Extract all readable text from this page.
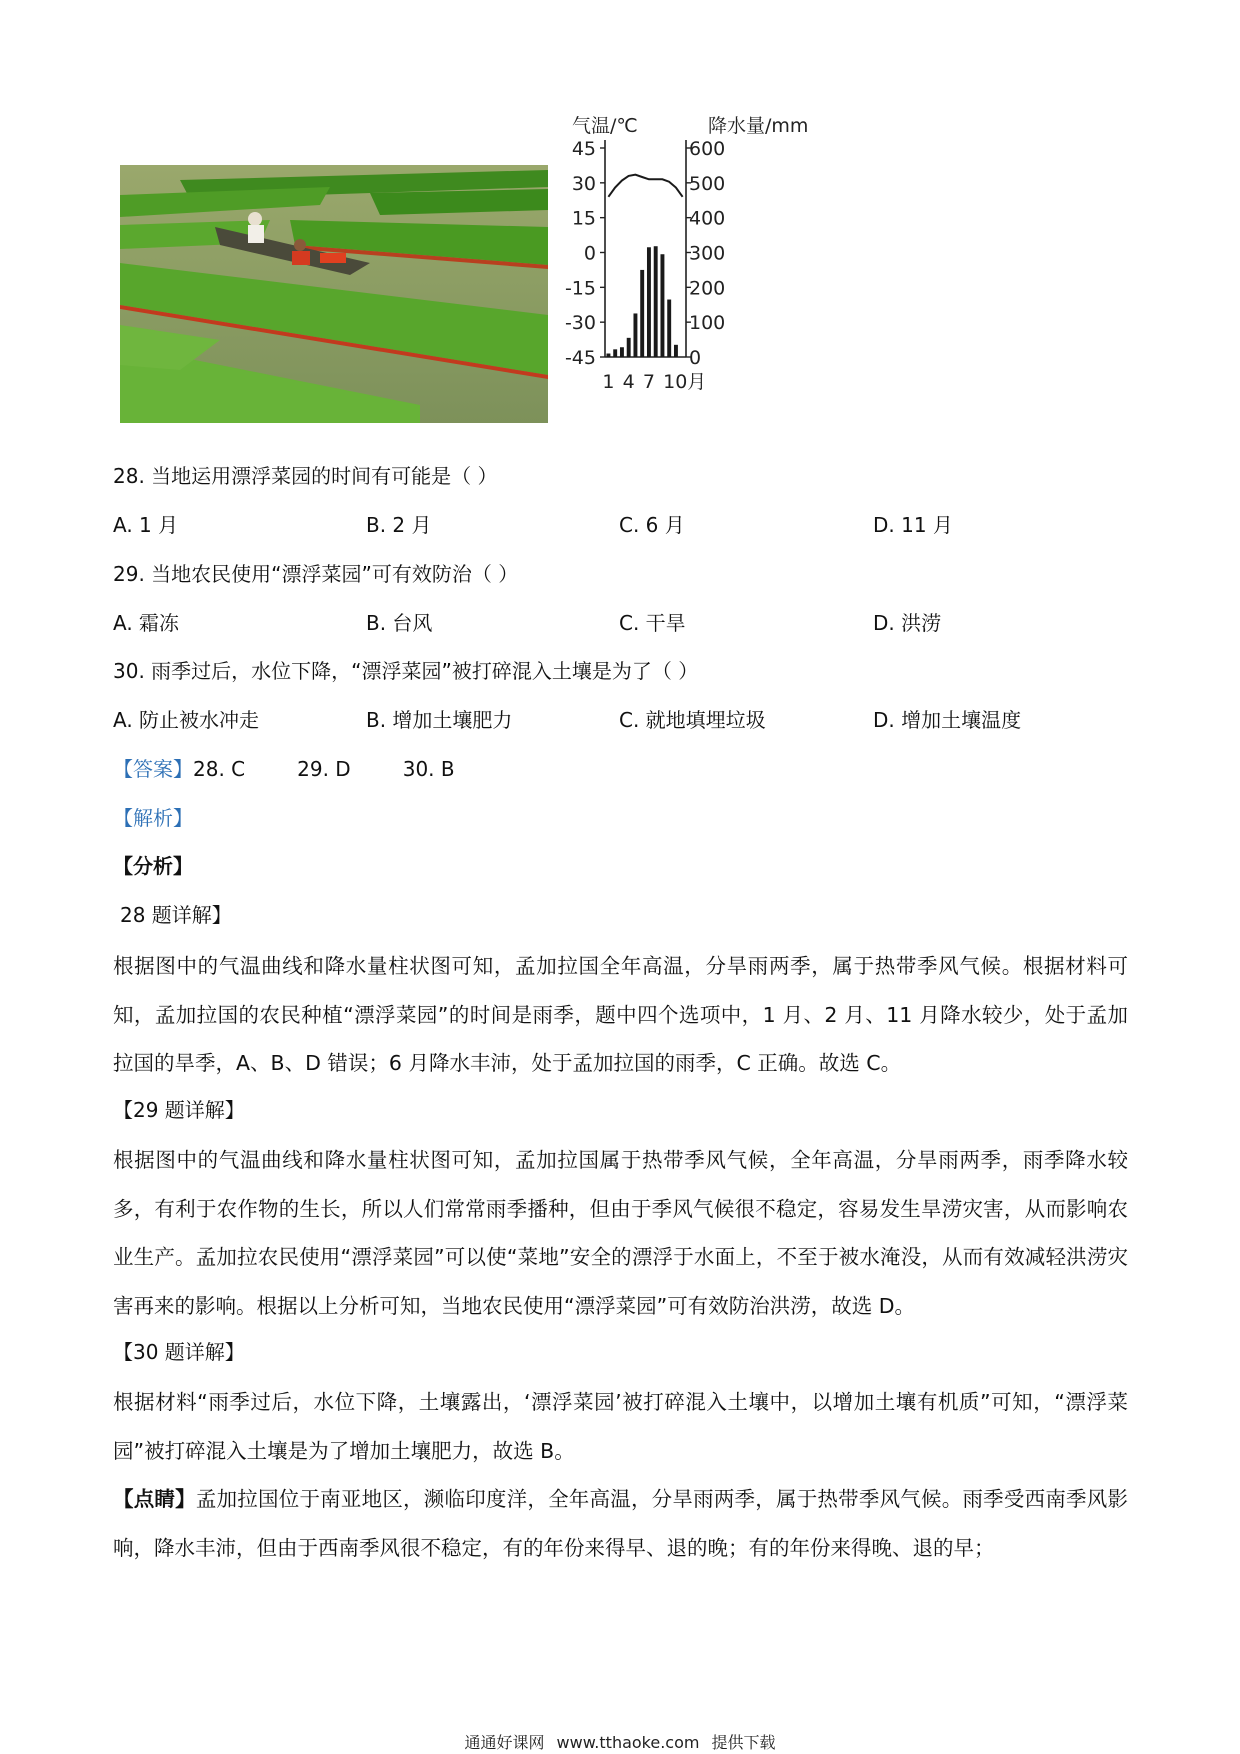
气温/℃	降水量/mm
45
30
15
0
-15
-30
-45
600
500
400
300
200
100
0
1 4 7 10月
28. 当地运用漂浮菜园的时间有可能是（ ）
A. 1 月	B. 2 月	C. 6 月	D. 11 月
29. 当地农民使用“漂浮菜园”可有效防治（ ）
A. 霜冻	B. 台风	C. 干旱	D. 洪涝
30. 雨季过后，水位下降，“漂浮菜园”被打碎混入土壤是为了（ ）
A. 防止被水冲走	B. 增加土壤肥力	C. 就地填埋垃圾	D. 增加土壤温度
【答案】28. C	29. D	30. B
【解析】
【分析】
28 题详解】
根据图中的气温曲线和降水量柱状图可知，孟加拉国全年高温，分旱雨两季，属于热带季风气候。根据材料可知，孟加拉国的农民种植“漂浮菜园”的时间是雨季，题中四个选项中，1 月、2 月、11 月降水较少，处于孟加拉国的旱季，A、B、D 错误；6 月降水丰沛，处于孟加拉国的雨季，C 正确。故选 C。
【29 题详解】
根据图中的气温曲线和降水量柱状图可知，孟加拉国属于热带季风气候，全年高温，分旱雨两季，雨季降水较多，有利于农作物的生长，所以人们常常雨季播种，但由于季风气候很不稳定，容易发生旱涝灾害，从而影响农业生产。孟加拉农民使用“漂浮菜园”可以使“菜地”安全的漂浮于水面上，不至于被水淹没，从而有效减轻洪涝灾害再来的影响。根据以上分析可知，当地农民使用“漂浮菜园”可有效防治洪涝，故选 D。
【30 题详解】
根据材料“雨季过后，水位下降，土壤露出，‘漂浮菜园’被打碎混入土壤中，以增加土壤有机质”可知，“漂浮菜园”被打碎混入土壤是为了增加土壤肥力，故选 B。
【点睛】孟加拉国位于南亚地区，濒临印度洋，全年高温，分旱雨两季，属于热带季风气候。雨季受西南季风影响，降水丰沛，但由于西南季风很不稳定，有的年份来得早、退的晚；有的年份来得晚、退的早；
通通好课网 www.tthaoke.com 提供下载
